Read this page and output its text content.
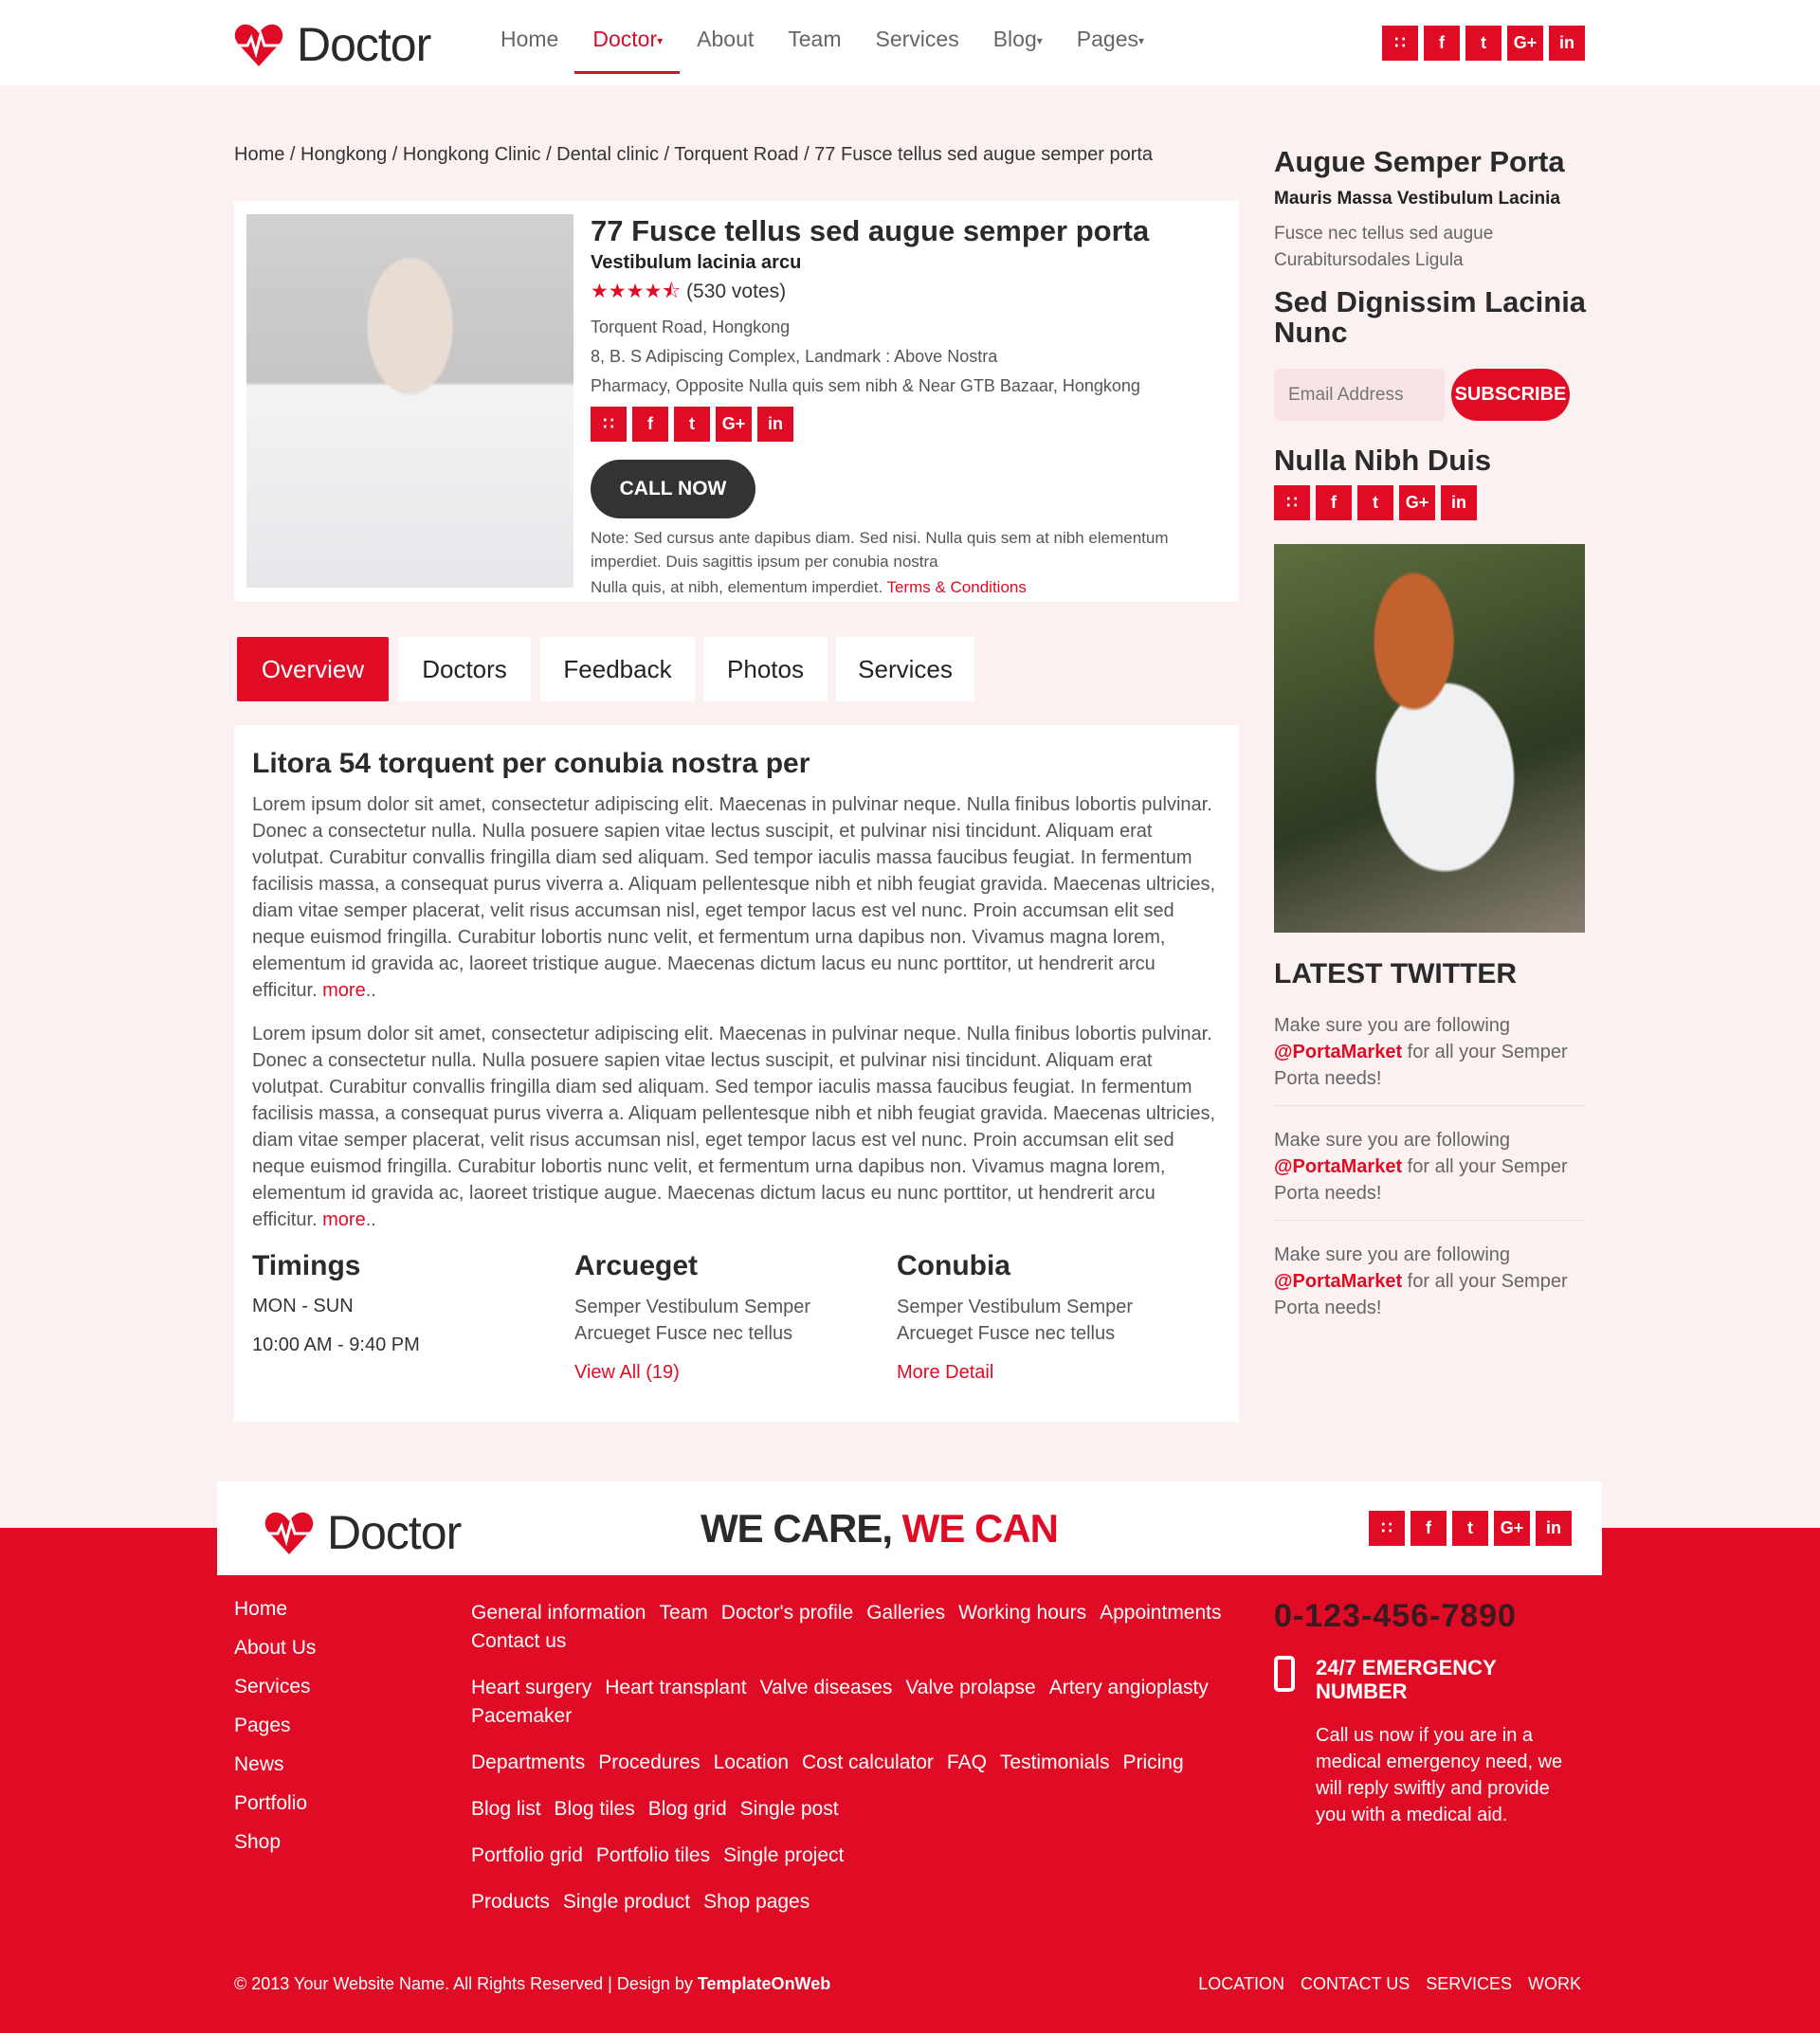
Doctor	Home	Doctor▾	About	Team	Services	Blog▾	Pages▾	∷	f	t	G+	in
Home / Hongkong / Hongkong Clinic / Dental clinic / Torquent Road / 77 Fusce tellus sed augue semper porta
77 Fusce tellus sed augue semper porta
Vestibulum lacinia arcu
★★★★⯪ (530 votes)
Torquent Road, Hongkong
8, B. S Adipiscing Complex, Landmark : Above Nostra
Pharmacy, Opposite Nulla quis sem nibh & Near GTB Bazaar, Hongkong
∷	f	t	G+	in
CALL NOW
Note: Sed cursus ante dapibus diam. Sed nisi. Nulla quis sem at nibh elementum imperdiet. Duis sagittis ipsum per conubia nostra
Nulla quis, at nibh, elementum imperdiet. Terms & Conditions
Overview	Doctors	Feedback	Photos	Services
Litora 54 torquent per conubia nostra per

Lorem ipsum dolor sit amet, consectetur adipiscing elit. Maecenas in pulvinar neque. Nulla finibus lobortis pulvinar. Donec a consectetur nulla. Nulla posuere sapien vitae lectus suscipit, et pulvinar nisi tincidunt. Aliquam erat volutpat. Curabitur convallis fringilla diam sed aliquam. Sed tempor iaculis massa faucibus feugiat. In fermentum facilisis massa, a consequat purus viverra a. Aliquam pellentesque nibh et nibh feugiat gravida. Maecenas ultricies, diam vitae semper placerat, velit risus accumsan nisl, eget tempor lacus est vel nunc. Proin accumsan elit sed neque euismod fringilla. Curabitur lobortis nunc velit, et fermentum urna dapibus non. Vivamus magna lorem, elementum id gravida ac, laoreet tristique augue. Maecenas dictum lacus eu nunc porttitor, ut hendrerit arcu efficitur. more..

Lorem ipsum dolor sit amet, consectetur adipiscing elit. Maecenas in pulvinar neque. Nulla finibus lobortis pulvinar. Donec a consectetur nulla. Nulla posuere sapien vitae lectus suscipit, et pulvinar nisi tincidunt. Aliquam erat volutpat. Curabitur convallis fringilla diam sed aliquam. Sed tempor iaculis massa faucibus feugiat. In fermentum facilisis massa, a consequat purus viverra a. Aliquam pellentesque nibh et nibh feugiat gravida. Maecenas ultricies, diam vitae semper placerat, velit risus accumsan nisl, eget tempor lacus est vel nunc. Proin accumsan elit sed neque euismod fringilla. Curabitur lobortis nunc velit, et fermentum urna dapibus non. Vivamus magna lorem, elementum id gravida ac, laoreet tristique augue. Maecenas dictum lacus eu nunc porttitor, ut hendrerit arcu efficitur. more..

Timings
MON - SUN
10:00 AM - 9:40 PM
Arcueget

Semper Vestibulum Semper Arcueget Fusce nec tellus

View All (19)
Conubia

Semper Vestibulum Semper Arcueget Fusce nec tellus

More Detail
Augue Semper Porta
Mauris Massa Vestibulum Lacinia
Fusce nec tellus sed augue Curabitursodales Ligula
Sed Dignissim Lacinia Nunc
Email Address
SUBSCRIBE
Nulla Nibh Duis
∷	f	t	G+	in
LATEST TWITTER
Make sure you are following @PortaMarket for all your Semper Porta needs!
Make sure you are following @PortaMarket for all your Semper Porta needs!
Make sure you are following @PortaMarket for all your Semper Porta needs!
Doctor	WE CARE, WE CAN	∷	f	t	G+	in
Home
About Us
Services
Pages
News
Portfolio
Shop
General information Team Doctor's profile Galleries Working hours AppointmentsContact us
Heart surgery Heart transplant Valve diseases Valve prolapse Artery angioplastyPacemaker
Departments Procedures Location Cost calculator FAQ Testimonials Pricing
Blog list Blog tiles Blog grid Single post
Portfolio grid Portfolio tiles Single project
Products Single product Shop pages
0-123-456-7890
24/7 EMERGENCY NUMBER
Call us now if you are in a medical emergency need, we will reply swiftly and provide you with a medical aid.
© 2013 Your Website Name. All Rights Reserved | Design by TemplateOnWeb	LOCATION CONTACT US SERVICES WORK
